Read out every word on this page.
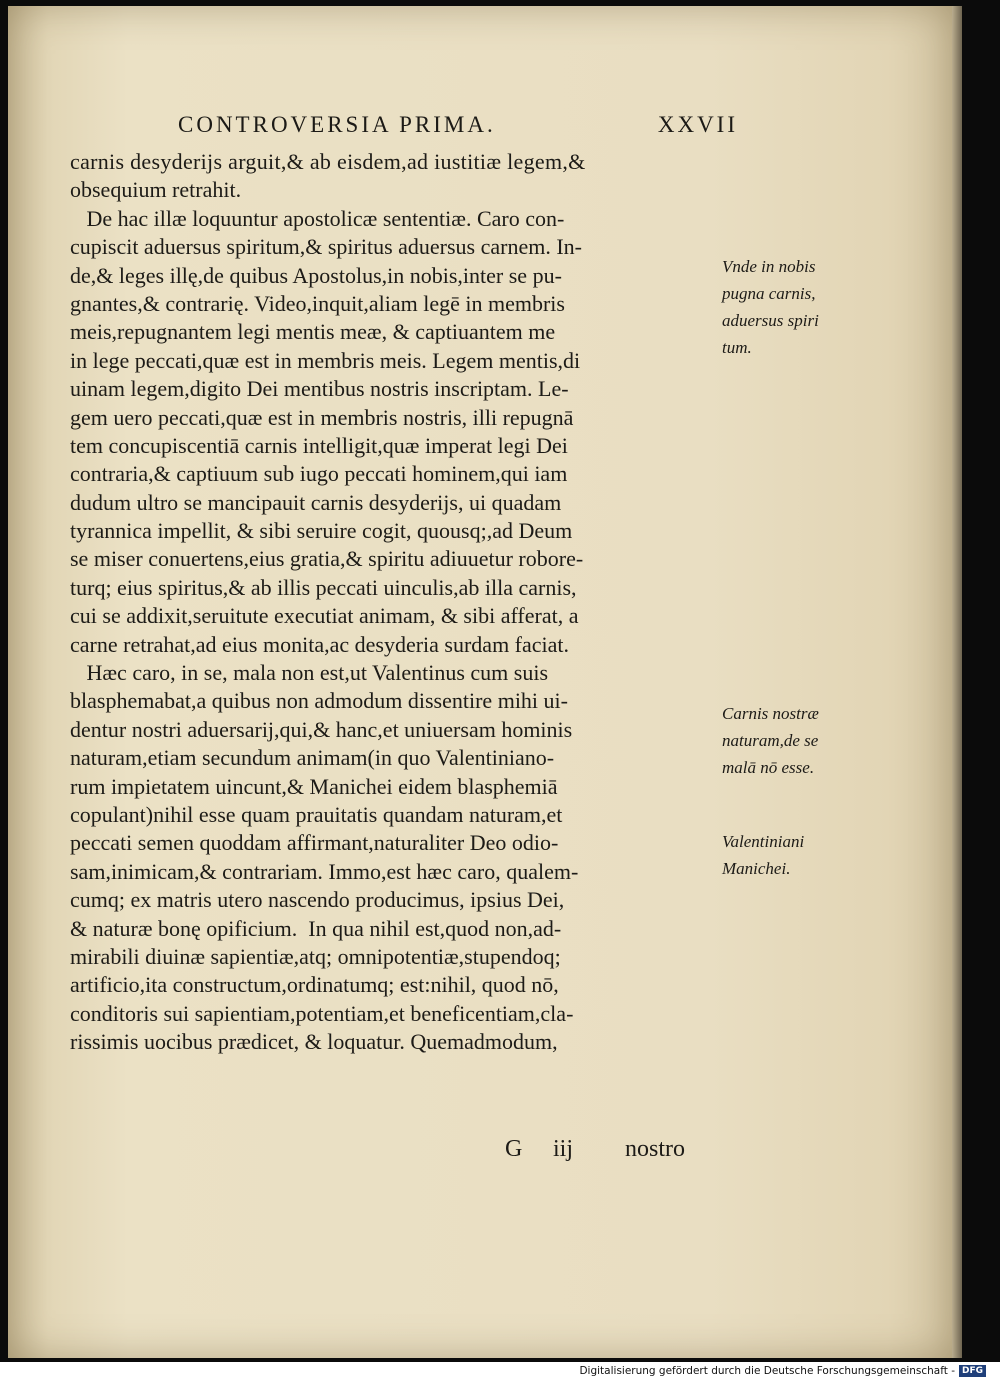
CONTROVERSIA PRIMA.	XXVII
carnis desyderijs arguit,& ab eisdem,ad iustitiæ legem,&
obsequium retrahit.
De hac illæ loquuntur apostolicæ sententiæ. Caro con-
cupiscit aduersus spiritum,& spiritus aduersus carnem. In-
de,& leges illę,de quibus Apostolus,in nobis,inter se pu-
gnantes,& contrarię. Video,inquit,aliam legē in membris
meis,repugnantem legi mentis meæ, & captiuantem me
in lege peccati,quæ est in membris meis. Legem mentis,di
uinam legem,digito Dei mentibus nostris inscriptam. Le-
gem uero peccati,quæ est in membris nostris, illi repugnā
tem concupiscentiā carnis intelligit,quæ imperat legi Dei
contraria,& captiuum sub iugo peccati hominem,qui iam
dudum ultro se mancipauit carnis desyderijs, ui quadam
tyrannica impellit, & sibi seruire cogit, quousq;,ad Deum
se miser conuertens,eius gratia,& spiritu adiuuetur robore-
turq; eius spiritus,& ab illis peccati uinculis,ab illa carnis,
cui se addixit,seruitute executiat animam, & sibi afferat, a
carne retrahat,ad eius monita,ac desyderia surdam faciat.
Hæc caro, in se, mala non est,ut Valentinus cum suis
blasphemabat,a quibus non admodum dissentire mihi ui-
dentur nostri aduersarij,qui,& hanc,et uniuersam hominis
naturam,etiam secundum animam(in quo Valentiniano-
rum impietatem uincunt,& Manichei eidem blasphemiā
copulant)nihil esse quam prauitatis quandam naturam,et
peccati semen quoddam affirmant,naturaliter Deo odio-
sam,inimicam,& contrariam. Immo,est hæc caro, qualem-
cumq; ex matris utero nascendo producimus, ipsius Dei,
& naturæ bonę opificium.  In qua nihil est,quod non,ad-
mirabili diuinæ sapientiæ,atq; omnipotentiæ,stupendoq;
artificio,ita constructum,ordinatumq; est:nihil, quod nō,
conditoris sui sapientiam,potentiam,et beneficentiam,cla-
rissimis uocibus prædicet, & loquatur. Quemadmodum,
G iij nostro
Vnde in nobis
pugna carnis,
aduersus spiri
tum.
Carnis nostræ
naturam,de se
malā nō esse.
Valentiniani
Manichei.
Digitalisierung gefördert durch die Deutsche Forschungsgemeinschaft - DFG
